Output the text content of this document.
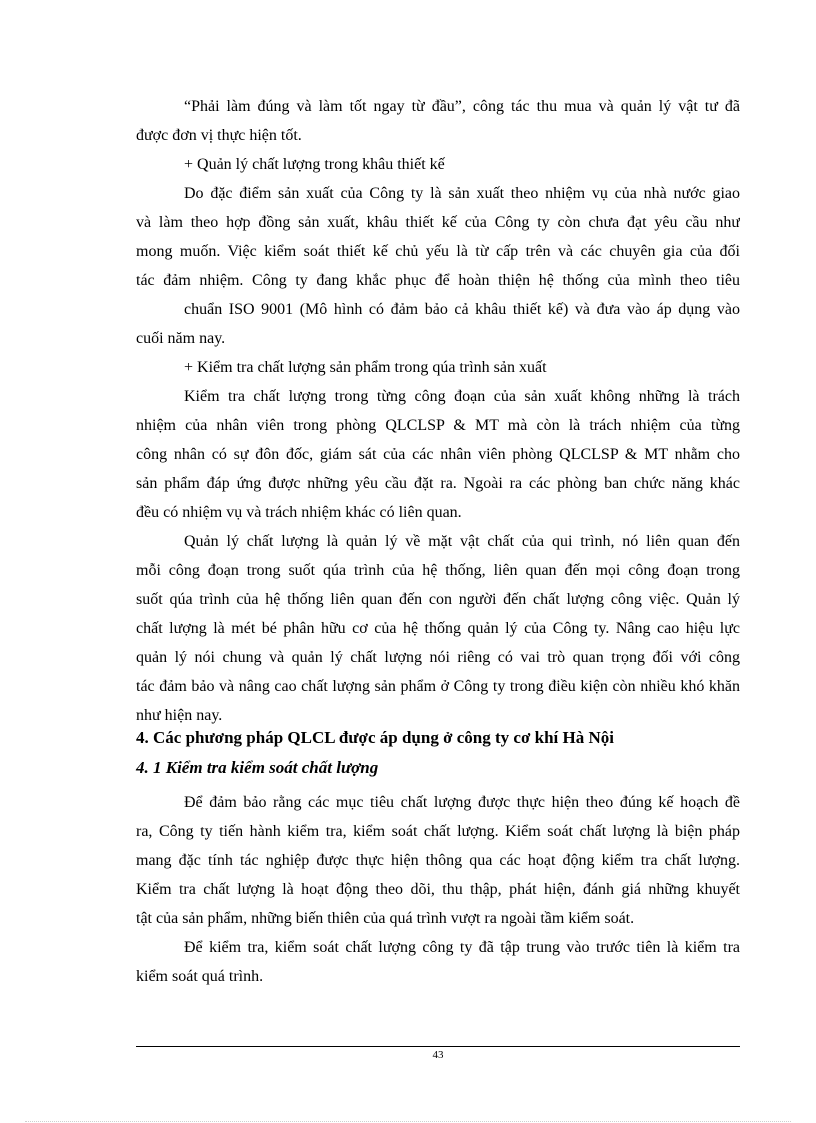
“Phải làm đúng và làm tốt ngay từ đầu”, công tác thu mua và quản lý vật tư đã
được đơn vị thực hiện tốt.
+ Quản lý chất lượng trong khâu thiết kế
Do đặc điểm sản xuất của Công ty là sản xuất theo nhiệm vụ của nhà nước giao
và làm theo hợp đồng sản xuất, khâu thiết kế của Công ty còn chưa đạt yêu cầu như
mong muốn. Việc kiểm soát thiết kế chủ yếu là từ cấp trên và các chuyên gia của đối
tác đảm nhiệm. Công ty đang khắc phục để hoàn thiện hệ thống của mình theo tiêu
chuẩn ISO 9001 (Mô hình có đảm bảo cả khâu thiết kế) và đưa vào áp dụng vào
cuối năm nay.
+ Kiểm tra chất lượng sản phẩm trong qúa trình sản xuất
Kiểm tra chất lượng trong từng công đoạn của sản xuất không những là trách
nhiệm của nhân viên trong phòng QLCLSP & MT mà còn là trách nhiệm của từng
công nhân có sự đôn đốc, giám sát của các nhân viên phòng QLCLSP & MT nhằm cho
sản phẩm đáp ứng được những yêu cầu đặt ra. Ngoài ra các phòng ban chức năng khác
đều có nhiệm vụ và trách nhiệm khác có liên quan.
Quản lý chất lượng là quản lý về mặt vật chất của qui trình, nó liên quan đến
mỗi công đoạn trong suốt qúa trình của hệ thống, liên quan đến mọi công đoạn trong
suốt qúa trình của hệ thống liên quan đến con người đến chất lượng công việc. Quản lý
chất lượng là mét bé phân hữu cơ của hệ thống quản lý của Công ty. Nâng cao hiệu lực
quản lý nói chung và quản lý chất lượng nói riêng có vai trò quan trọng đối với công
tác đảm bảo và nâng cao chất lượng sản phẩm ở Công ty trong điều kiện còn nhiều khó khăn
như hiện nay.
4. Các phương pháp QLCL được áp dụng ở công ty cơ khí Hà Nội
4. 1 Kiểm tra kiểm soát chất lượng
Để đảm bảo rằng các mục tiêu chất lượng được thực hiện theo đúng kế hoạch đề
ra, Công ty tiến hành kiểm tra, kiểm soát chất lượng. Kiểm soát chất lượng là biện pháp
mang đặc tính tác nghiệp được thực hiện thông qua các hoạt động kiểm tra chất lượng.
Kiểm tra chất lượng là hoạt động theo dõi, thu thập, phát hiện, đánh giá những khuyết
tật của sản phẩm, những biến thiên của quá trình vượt ra ngoài tầm kiểm soát.
Để kiểm tra, kiểm soát chất lượng công ty đã tập trung vào trước tiên là kiểm tra
kiểm soát quá trình.
43
